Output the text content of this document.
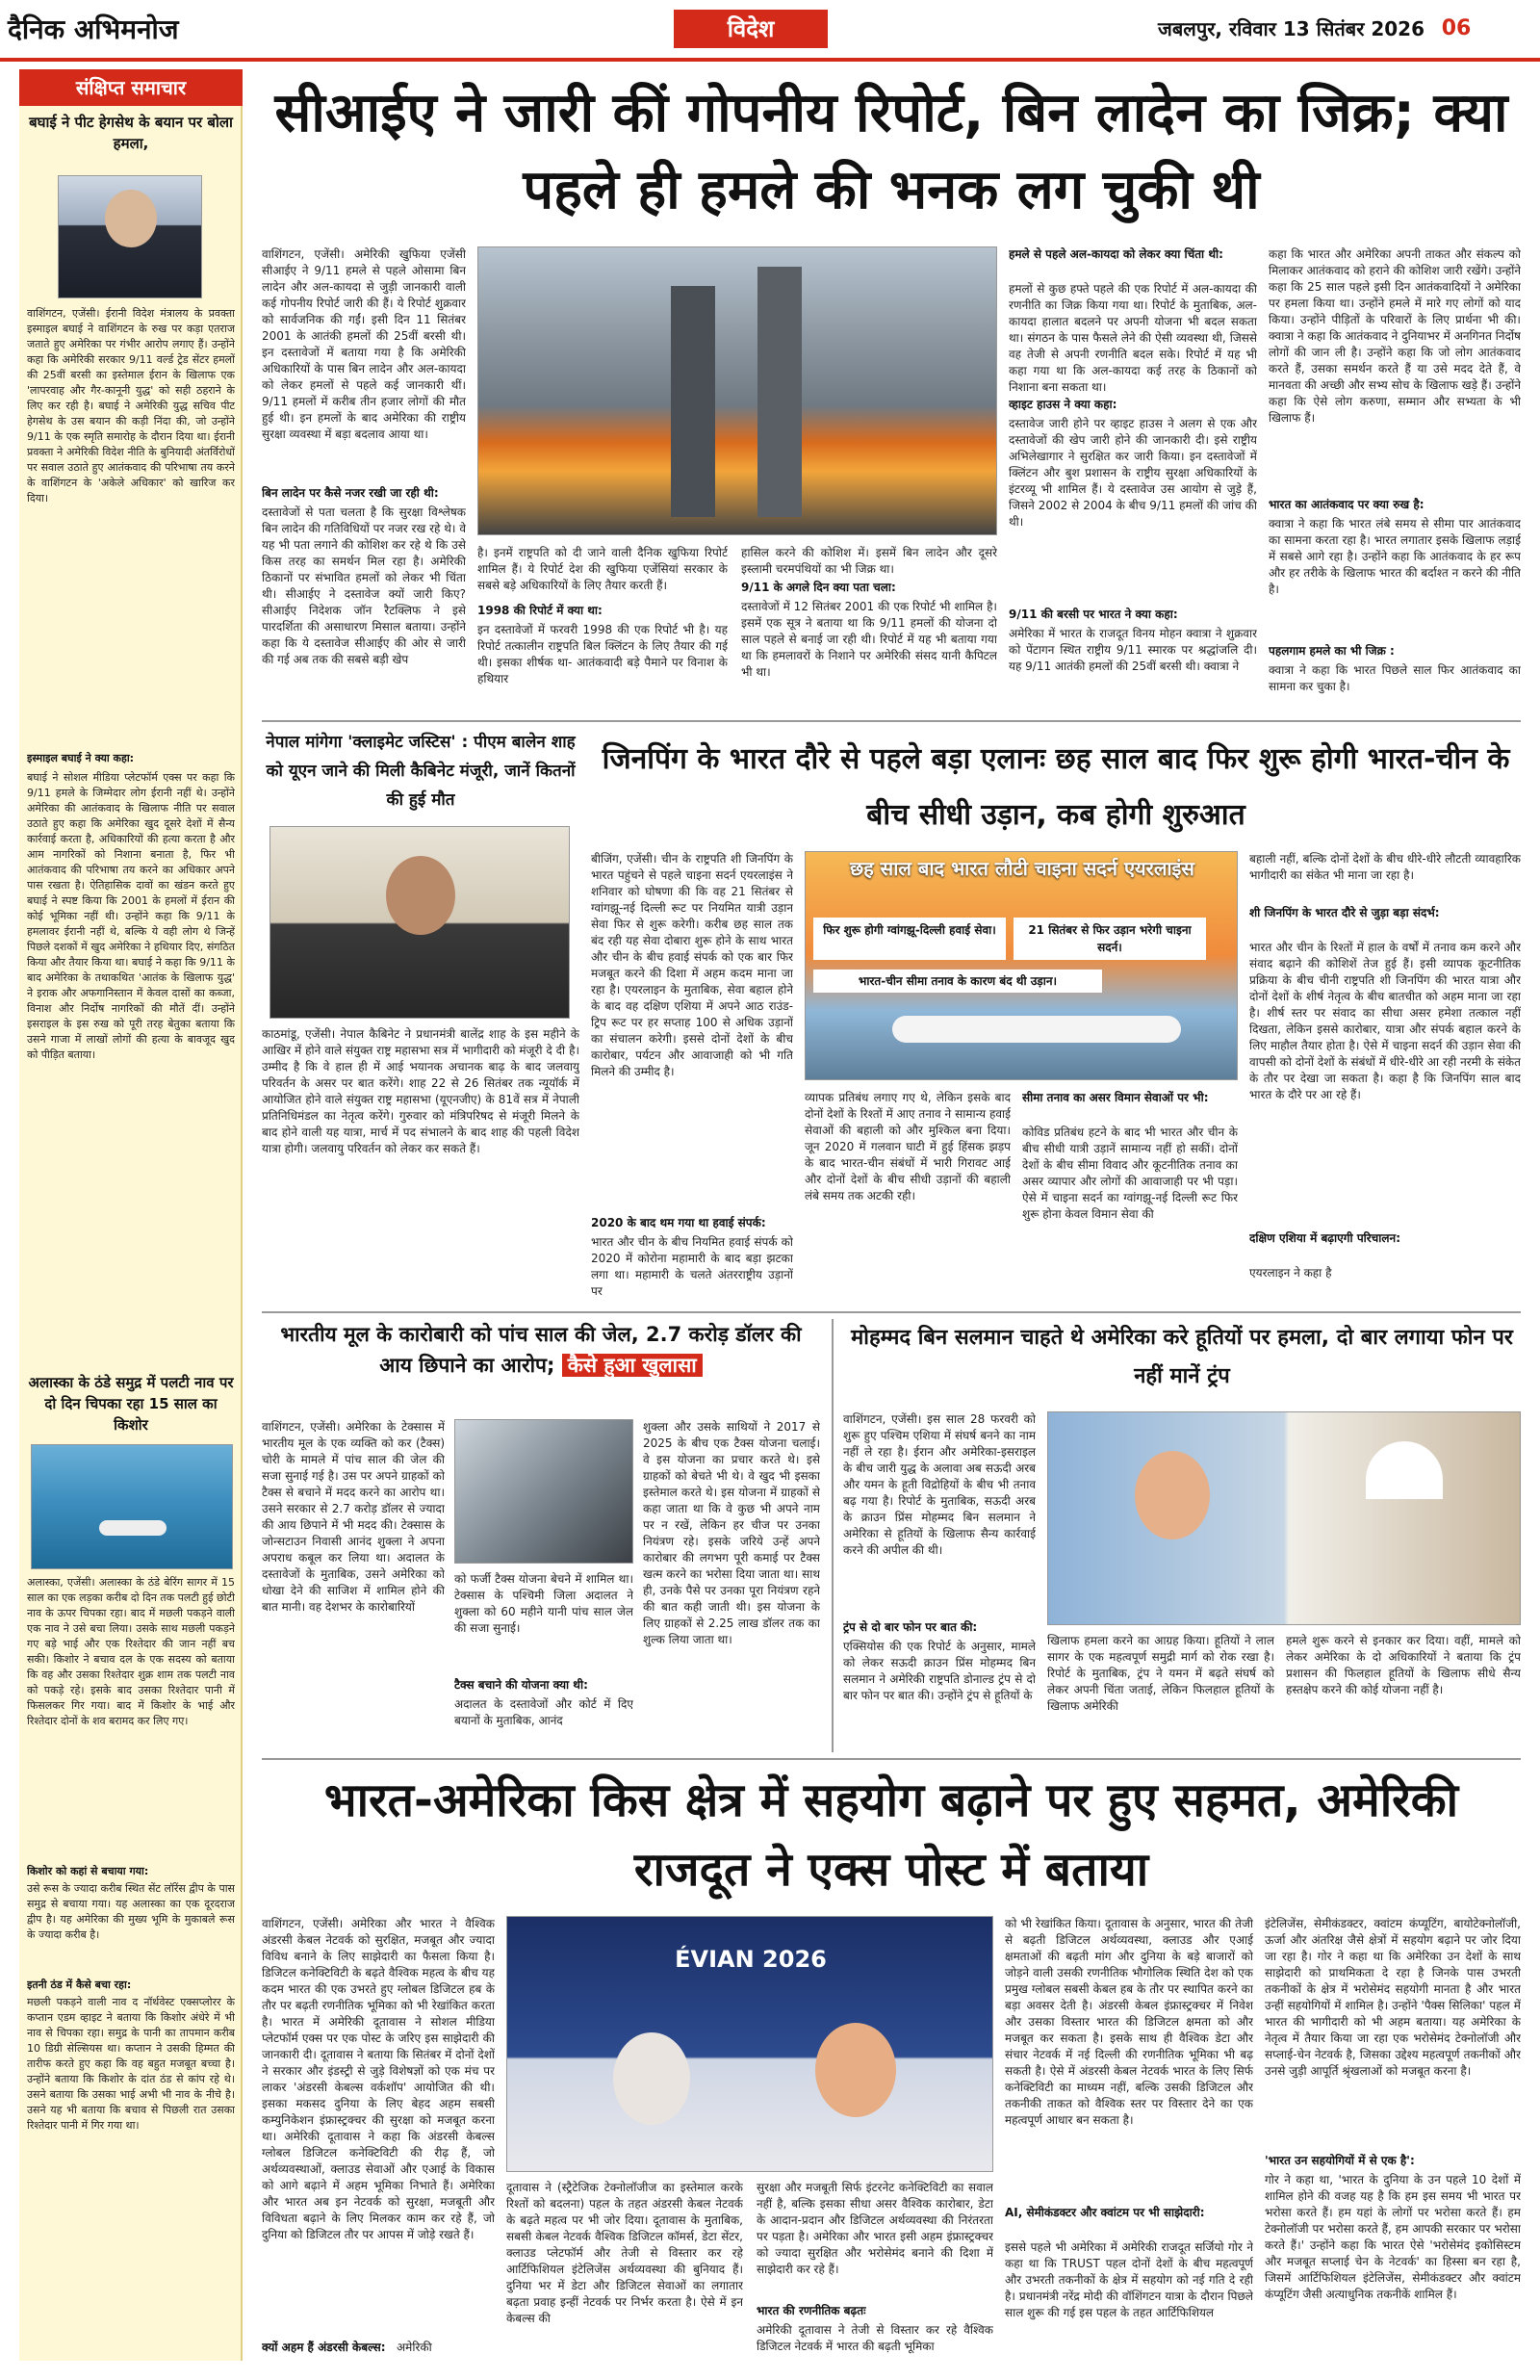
दैनिक अभिमनोज	विदेश	जबलपुर, रविवार 13 सितंबर 2026 06
संक्षिप्त समाचार
बघाई ने पीट हेगसेथ के बयान पर बोला हमला,
वाशिंगटन, एजेंसी। ईरानी विदेश मंत्रालय के प्रवक्ता इस्माइल बघाई ने वाशिंगटन के रुख पर कड़ा एतराज जताते हुए अमेरिका पर गंभीर आरोप लगाए हैं। उन्होंने कहा कि अमेरिकी सरकार 9/11 वर्ल्ड ट्रेड सेंटर हमलों की 25वीं बरसी का इस्तेमाल ईरान के खिलाफ एक 'लापरवाह और गैर-कानूनी युद्ध' को सही ठहराने के लिए कर रही है। बघाई ने अमेरिकी युद्ध सचिव पीट हेगसेथ के उस बयान की कड़ी निंदा की, जो उन्होंने 9/11 के एक स्मृति समारोह के दौरान दिया था। ईरानी प्रवक्ता ने अमेरिकी विदेश नीति के बुनियादी अंतर्विरोधों पर सवाल उठाते हुए आतंकवाद की परिभाषा तय करने के वाशिंगटन के 'अकेले अधिकार' को खारिज कर दिया।
इस्माइल बघाई ने क्या कहा:
बघाई ने सोशल मीडिया प्लेटफॉर्म एक्स पर कहा कि 9/11 हमले के जिम्मेदार लोग ईरानी नहीं थे। उन्होंने अमेरिका की आतंकवाद के खिलाफ नीति पर सवाल उठाते हुए कहा कि अमेरिका खुद दूसरे देशों में सैन्य कार्रवाई करता है, अधिकारियों की हत्या करता है और आम नागरिकों को निशाना बनाता है, फिर भी आतंकवाद की परिभाषा तय करने का अधिकार अपने पास रखता है। ऐतिहासिक दावों का खंडन करते हुए बघाई ने स्पष्ट किया कि 2001 के हमलों में ईरान की कोई भूमिका नहीं थी। उन्होंने कहा कि 9/11 के हमलावर ईरानी नहीं थे, बल्कि ये वही लोग थे जिन्हें पिछले दशकों में खुद अमेरिका ने हथियार दिए, संगठित किया और तैयार किया था। बघाई ने कहा कि 9/11 के बाद अमेरिका के तथाकथित 'आतंक के खिलाफ युद्ध' ने इराक और अफगानिस्तान में केवल दासों का कब्जा, विनाश और निर्दोष नागरिकों की मौतें दीं। उन्होंने इसराइल के इस रुख को पूरी तरह बेतुका बताया कि उसने गाजा में लाखों लोगों की हत्या के बावजूद खुद को पीड़ित बताया।
अलास्का के ठंडे समुद्र में पलटी नाव पर दो दिन चिपका रहा 15 साल का किशोर
अलास्का, एजेंसी। अलास्का के ठंडे बेरिंग सागर में 15 साल का एक लड़का करीब दो दिन तक पलटी हुई छोटी नाव के ऊपर चिपका रहा। बाद में मछली पकड़ने वाली एक नाव ने उसे बचा लिया। उसके साथ मछली पकड़ने गए बड़े भाई और एक रिश्तेदार की जान नहीं बच सकी। किशोर ने बचाव दल के एक सदस्य को बताया कि वह और उसका रिश्तेदार शुक्र शाम तक पलटी नाव को पकड़े रहे। इसके बाद उसका रिश्तेदार पानी में फिसलकर गिर गया। बाद में किशोर के भाई और रिश्तेदार दोनों के शव बरामद कर लिए गए।
किशोर को कहां से बचाया गया:
उसे रूस के ज्यादा करीब स्थित सेंट लॉरेंस द्वीप के पास समुद्र से बचाया गया। यह अलास्का का एक दूरदराज द्वीप है। यह अमेरिका की मुख्य भूमि के मुकाबले रूस के ज्यादा करीब है।
इतनी ठंड में कैसे बचा रहा:
मछली पकड़ने वाली नाव द नॉर्थवेस्ट एक्सप्लोरर के कप्तान एडम व्हाइट ने बताया कि किशोर अंधेरे में भी नाव से चिपका रहा। समुद्र के पानी का तापमान करीब 10 डिग्री सेल्सियस था। कप्तान ने उसकी हिम्मत की तारीफ करते हुए कहा कि वह बहुत मजबूत बच्चा है। उन्होंने बताया कि किशोर के दांत ठंड से कांप रहे थे। उसने बताया कि उसका भाई अभी भी नाव के नीचे है। उसने यह भी बताया कि बचाव से पिछली रात उसका रिश्तेदार पानी में गिर गया था।
सीआईए ने जारी कीं गोपनीय रिपोर्ट, बिन लादेन का जिक्र; क्या पहले ही हमले की भनक लग चुकी थी
वाशिंगटन, एजेंसी। अमेरिकी खुफिया एजेंसी सीआईए ने 9/11 हमले से पहले ओसामा बिन लादेन और अल-कायदा से जुड़ी जानकारी वाली कई गोपनीय रिपोर्ट जारी की हैं। ये रिपोर्ट शुक्रवार को सार्वजनिक की गईं। इसी दिन 11 सितंबर 2001 के आतंकी हमलों की 25वीं बरसी थी। इन दस्तावेजों में बताया गया है कि अमेरिकी अधिकारियों के पास बिन लादेन और अल-कायदा को लेकर हमलों से पहले कई जानकारी थीं। 9/11 हमलों में करीब तीन हजार लोगों की मौत हुई थी। इन हमलों के बाद अमेरिका की राष्ट्रीय सुरक्षा व्यवस्था में बड़ा बदलाव आया था।
बिन लादेन पर कैसे नजर रखी जा रही थी:
दस्तावेजों से पता चलता है कि सुरक्षा विश्लेषक बिन लादेन की गतिविधियों पर नजर रख रहे थे। वे यह भी पता लगाने की कोशिश कर रहे थे कि उसे किस तरह का समर्थन मिल रहा है। अमेरिकी ठिकानों पर संभावित हमलों को लेकर भी चिंता थी। सीआईए ने दस्तावेज क्यों जारी किए? सीआईए निदेशक जॉन रैटक्लिफ ने इसे पारदर्शिता की असाधारण मिसाल बताया। उन्होंने कहा कि ये दस्तावेज सीआईए की ओर से जारी की गई अब तक की सबसे बड़ी खेप
है। इनमें राष्ट्रपति को दी जाने वाली दैनिक खुफिया रिपोर्ट शामिल हैं। ये रिपोर्ट देश की खुफिया एजेंसियां सरकार के सबसे बड़े अधिकारियों के लिए तैयार करती हैं।
1998 की रिपोर्ट में क्या था:
इन दस्तावेजों में फरवरी 1998 की एक रिपोर्ट भी है। यह रिपोर्ट तत्कालीन राष्ट्रपति बिल क्लिंटन के लिए तैयार की गई थी। इसका शीर्षक था- आतंकवादी बड़े पैमाने पर विनाश के हथियार
हासिल करने की कोशिश में। इसमें बिन लादेन और दूसरे इस्लामी चरमपंथियों का भी जिक्र था।
9/11 के अगले दिन क्या पता चला:
दस्तावेजों में 12 सितंबर 2001 की एक रिपोर्ट भी शामिल है। इसमें एक सूत्र ने बताया था कि 9/11 हमलों की योजना दो साल पहले से बनाई जा रही थी। रिपोर्ट में यह भी बताया गया था कि हमलावरों के निशाने पर अमेरिकी संसद यानी कैपिटल भी था।
हमले से पहले अल-कायदा को लेकर क्या चिंता थी:
हमलों से कुछ हफ्ते पहले की एक रिपोर्ट में अल-कायदा की रणनीति का जिक्र किया गया था। रिपोर्ट के मुताबिक, अल-कायदा हालात बदलने पर अपनी योजना भी बदल सकता था। संगठन के पास फैसले लेने की ऐसी व्यवस्था थी, जिससे वह तेजी से अपनी रणनीति बदल सके। रिपोर्ट में यह भी कहा गया था कि अल-कायदा कई तरह के ठिकानों को निशाना बना सकता था।
व्हाइट हाउस ने क्या कहा:
दस्तावेज जारी होने पर व्हाइट हाउस ने अलग से एक और दस्तावेजों की खेप जारी होने की जानकारी दी। इसे राष्ट्रीय अभिलेखागार ने सुरक्षित कर जारी किया। इन दस्तावेजों में क्लिंटन और बुश प्रशासन के राष्ट्रीय सुरक्षा अधिकारियों के इंटरव्यू भी शामिल हैं। ये दस्तावेज उस आयोग से जुड़े हैं, जिसने 2002 से 2004 के बीच 9/11 हमलों की जांच की थी।
9/11 की बरसी पर भारत ने क्या कहा:
अमेरिका में भारत के राजदूत विनय मोहन क्वात्रा ने शुक्रवार को पेंटागन स्थित राष्ट्रीय 9/11 स्मारक पर श्रद्धांजलि दी। यह 9/11 आतंकी हमलों की 25वीं बरसी थी। क्वात्रा ने
कहा कि भारत और अमेरिका अपनी ताकत और संकल्प को मिलाकर आतंकवाद को हराने की कोशिश जारी रखेंगे। उन्होंने कहा कि 25 साल पहले इसी दिन आतंकवादियों ने अमेरिका पर हमला किया था। उन्होंने हमले में मारे गए लोगों को याद किया। उन्होंने पीड़ितों के परिवारों के लिए प्रार्थना भी की। क्वात्रा ने कहा कि आतंकवाद ने दुनियाभर में अनगिनत निर्दोष लोगों की जान ली है। उन्होंने कहा कि जो लोग आतंकवाद करते हैं, उसका समर्थन करते हैं या उसे मदद देते हैं, वे मानवता की अच्छी और सभ्य सोच के खिलाफ खड़े हैं। उन्होंने कहा कि ऐसे लोग करुणा, सम्मान और सभ्यता के भी खिलाफ हैं।
भारत का आतंकवाद पर क्या रुख है:
क्वात्रा ने कहा कि भारत लंबे समय से सीमा पार आतंकवाद का सामना करता रहा है। भारत लगातार इसके खिलाफ लड़ाई में सबसे आगे रहा है। उन्होंने कहा कि आतंकवाद के हर रूप और हर तरीके के खिलाफ भारत की बर्दाश्त न करने की नीति है।
पहलगाम हमले का भी जिक्र :
क्वात्रा ने कहा कि भारत पिछले साल फिर आतंकवाद का सामना कर चुका है।
नेपाल मांगेगा 'क्लाइमेट जस्टिस' : पीएम बालेन शाह को यूएन जाने की मिली कैबिनेट मंजूरी, जानें कितनों की हुई मौत
काठमांडू, एजेंसी। नेपाल कैबिनेट ने प्रधानमंत्री बालेंद्र शाह के इस महीने के आखिर में होने वाले संयुक्त राष्ट्र महासभा सत्र में भागीदारी को मंजूरी दे दी है। उम्मीद है कि वे हाल ही में आई भयानक अचानक बाढ़ के बाद जलवायु परिवर्तन के असर पर बात करेंगे। शाह 22 से 26 सितंबर तक न्यूयॉर्क में आयोजित होने वाले संयुक्त राष्ट्र महासभा (यूएनजीए) के 81वें सत्र में नेपाली प्रतिनिधिमंडल का नेतृत्व करेंगे। गुरुवार को मंत्रिपरिषद से मंजूरी मिलने के बाद होने वाली यह यात्रा, मार्च में पद संभालने के बाद शाह की पहली विदेश यात्रा होगी। जलवायु परिवर्तन को लेकर कर सकते हैं।
जिनपिंग के भारत दौरे से पहले बड़ा एलानः छह साल बाद फिर शुरू होगी भारत-चीन के बीच सीधी उड़ान, कब होगी शुरुआत
बीजिंग, एजेंसी। चीन के राष्ट्रपति शी जिनपिंग के भारत पहुंचने से पहले चाइना सदर्न एयरलाइंस ने शनिवार को घोषणा की कि वह 21 सितंबर से ग्वांगझू-नई दिल्ली रूट पर नियमित यात्री उड़ान सेवा फिर से शुरू करेगी। करीब छह साल तक बंद रही यह सेवा दोबारा शुरू होने के साथ भारत और चीन के बीच हवाई संपर्क को एक बार फिर मजबूत करने की दिशा में अहम कदम माना जा रहा है। एयरलाइन के मुताबिक, सेवा बहाल होने के बाद वह दक्षिण एशिया में अपने आठ राउंड-ट्रिप रूट पर हर सप्ताह 100 से अधिक उड़ानों का संचालन करेगी। इससे दोनों देशों के बीच कारोबार, पर्यटन और आवाजाही को भी गति मिलने की उम्मीद है।
2020 के बाद थम गया था हवाई संपर्क:
भारत और चीन के बीच नियमित हवाई संपर्क को 2020 में कोरोना महामारी के बाद बड़ा झटका लगा था। महामारी के चलते अंतरराष्ट्रीय उड़ानों पर
छह साल बाद भारत लौटी चाइना सदर्न एयरलाइंस
फिर शुरू होगी ग्वांगझू-दिल्ली हवाई सेवा।	21 सितंबर से फिर उड़ान भरेगी चाइना सदर्न।
भारत-चीन सीमा तनाव के कारण बंद थी उड़ान।
व्यापक प्रतिबंध लगाए गए थे, लेकिन इसके बाद दोनों देशों के रिश्तों में आए तनाव ने सामान्य हवाई सेवाओं की बहाली को और मुश्किल बना दिया। जून 2020 में गलवान घाटी में हुई हिंसक झड़प के बाद भारत-चीन संबंधों में भारी गिरावट आई और दोनों देशों के बीच सीधी उड़ानों की बहाली लंबे समय तक अटकी रही।
सीमा तनाव का असर विमान सेवाओं पर भी:
कोविड प्रतिबंध हटने के बाद भी भारत और चीन के बीच सीधी यात्री उड़ानें सामान्य नहीं हो सकीं। दोनों देशों के बीच सीमा विवाद और कूटनीतिक तनाव का असर व्यापार और लोगों की आवाजाही पर भी पड़ा। ऐसे में चाइना सदर्न का ग्वांगझू-नई दिल्ली रूट फिर शुरू होना केवल विमान सेवा की
बहाली नहीं, बल्कि दोनों देशों के बीच धीरे-धीरे लौटती व्यावहारिक भागीदारी का संकेत भी माना जा रहा है।
शी जिनपिंग के भारत दौरे से जुड़ा बड़ा संदर्भ:
भारत और चीन के रिश्तों में हाल के वर्षों में तनाव कम करने और संवाद बढ़ाने की कोशिशें तेज हुई हैं। इसी व्यापक कूटनीतिक प्रक्रिया के बीच चीनी राष्ट्रपति शी जिनपिंग की भारत यात्रा और दोनों देशों के शीर्ष नेतृत्व के बीच बातचीत को अहम माना जा रहा है। शीर्ष स्तर पर संवाद का सीधा असर हमेशा तत्काल नहीं दिखता, लेकिन इससे कारोबार, यात्रा और संपर्क बहाल करने के लिए माहौल तैयार होता है। ऐसे में चाइना सदर्न की उड़ान सेवा की वापसी को दोनों देशों के संबंधों में धीरे-धीरे आ रही नरमी के संकेत के तौर पर देखा जा सकता है। कहा है कि जिनपिंग साल बाद भारत के दौरे पर आ रहे हैं।
दक्षिण एशिया में बढ़ाएगी परिचालन:
एयरलाइन ने कहा है
भारतीय मूल के कारोबारी को पांच साल की जेल, 2.7 करोड़ डॉलर की आय छिपाने का आरोप; कैसे हुआ खुलासा
वाशिंगटन, एजेंसी। अमेरिका के टेक्सास में भारतीय मूल के एक व्यक्ति को कर (टैक्स) चोरी के मामले में पांच साल की जेल की सजा सुनाई गई है। उस पर अपने ग्राहकों को टैक्स से बचाने में मदद करने का आरोप था। उसने सरकार से 2.7 करोड़ डॉलर से ज्यादा की आय छिपाने में भी मदद की। टेक्सास के जोन्सटाउन निवासी आनंद शुक्ला ने अपना अपराध कबूल कर लिया था। अदालत के दस्तावेजों के मुताबिक, उसने अमेरिका को धोखा देने की साजिश में शामिल होने की बात मानी। वह देशभर के कारोबारियों
को फर्जी टैक्स योजना बेचने में शामिल था। टेक्सास के पश्चिमी जिला अदालत ने शुक्ला को 60 महीने यानी पांच साल जेल की सजा सुनाई।
टैक्स बचाने की योजना क्या थी:
अदालत के दस्तावेजों और कोर्ट में दिए बयानों के मुताबिक, आनंद
शुक्ला और उसके साथियों ने 2017 से 2025 के बीच एक टैक्स योजना चलाई। वे इस योजना का प्रचार करते थे। इसे ग्राहकों को बेचते भी थे। वे खुद भी इसका इस्तेमाल करते थे। इस योजना में ग्राहकों से कहा जाता था कि वे कुछ भी अपने नाम पर न रखें, लेकिन हर चीज पर उनका नियंत्रण रहे। इसके जरिये उन्हें अपने कारोबार की लगभग पूरी कमाई पर टैक्स खत्म करने का भरोसा दिया जाता था। साथ ही, उनके पैसे पर उनका पूरा नियंत्रण रहने की बात कही जाती थी। इस योजना के लिए ग्राहकों से 2.25 लाख डॉलर तक का शुल्क लिया जाता था।
मोहम्मद बिन सलमान चाहते थे अमेरिका करे हूतियों पर हमला, दो बार लगाया फोन पर नहीं मानें ट्रंप
वाशिंगटन, एजेंसी। इस साल 28 फरवरी को शुरू हुए पश्चिम एशिया में संघर्ष बनने का नाम नहीं ले रहा है। ईरान और अमेरिका-इसराइल के बीच जारी युद्ध के अलावा अब सऊदी अरब और यमन के हूती विद्रोहियों के बीच भी तनाव बढ़ गया है। रिपोर्ट के मुताबिक, सऊदी अरब के क्राउन प्रिंस मोहम्मद बिन सलमान ने अमेरिका से हूतियों के खिलाफ सैन्य कार्रवाई करने की अपील की थी।
ट्रंप से दो बार फोन पर बात की:
एक्सियोस की एक रिपोर्ट के अनुसार, मामले को लेकर सऊदी क्राउन प्रिंस मोहम्मद बिन सलमान ने अमेरिकी राष्ट्रपति डोनाल्ड ट्रंप से दो बार फोन पर बात की। उन्होंने ट्रंप से हूतियों के
खिलाफ हमला करने का आग्रह किया। हूतियों ने लाल सागर के एक महत्वपूर्ण समुद्री मार्ग को रोक रखा है। रिपोर्ट के मुताबिक, ट्रंप ने यमन में बढ़ते संघर्ष को लेकर अपनी चिंता जताई, लेकिन फिलहाल हूतियों के खिलाफ अमेरिकी
हमले शुरू करने से इनकार कर दिया। वहीं, मामले को लेकर अमेरिका के दो अधिकारियों ने बताया कि ट्रंप प्रशासन की फिलहाल हूतियों के खिलाफ सीधे सैन्य हस्तक्षेप करने की कोई योजना नहीं है।
भारत-अमेरिका किस क्षेत्र में सहयोग बढ़ाने पर हुए सहमत, अमेरिकी राजदूत ने एक्स पोस्ट में बताया
वाशिंगटन, एजेंसी। अमेरिका और भारत ने वैश्विक अंडरसी केबल नेटवर्क को सुरक्षित, मजबूत और ज्यादा विविध बनाने के लिए साझेदारी का फैसला किया है। डिजिटल कनेक्टिविटी के बढ़ते वैश्विक महत्व के बीच यह कदम भारत की एक उभरते हुए ग्लोबल डिजिटल हब के तौर पर बढ़ती रणनीतिक भूमिका को भी रेखांकित करता है। भारत में अमेरिकी दूतावास ने सोशल मीडिया प्लेटफॉर्म एक्स पर एक पोस्ट के जरिए इस साझेदारी की जानकारी दी। दूतावास ने बताया कि सितंबर में दोनों देशों ने सरकार और इंडस्ट्री से जुड़े विशेषज्ञों को एक मंच पर लाकर 'अंडरसी केबल्स वर्कशॉप' आयोजित की थी। इसका मकसद दुनिया के लिए बेहद अहम सबसी कम्युनिकेशन इंफ्रास्ट्रक्चर की सुरक्षा को मजबूत करना था। अमेरिकी दूतावास ने कहा कि अंडरसी केबल्स ग्लोबल डिजिटल कनेक्टिविटी की रीढ़ हैं, जो अर्थव्यवस्थाओं, क्लाउड सेवाओं और एआई के विकास को आगे बढ़ाने में अहम भूमिका निभाते हैं। अमेरिका और भारत अब इन नेटवर्क को सुरक्षा, मजबूती और विविधता बढ़ाने के लिए मिलकर काम कर रहे हैं, जो दुनिया को डिजिटल तौर पर आपस में जोड़े रखते हैं।
क्यों अहम हैं अंडरसी केबल्स: अमेरिकी
ÉVIAN 2026
दूतावास ने (स्ट्रैटेजिक टेक्नोलॉजीज का इस्तेमाल करके रिश्तों को बदलना) पहल के तहत अंडरसी केबल नेटवर्क के बढ़ते महत्व पर भी जोर दिया। दूतावास के मुताबिक, सबसी केबल नेटवर्क वैश्विक डिजिटल कॉमर्स, डेटा सेंटर, क्लाउड प्लेटफॉर्म और तेजी से विस्तार कर रहे आर्टिफिशियल इंटेलिजेंस अर्थव्यवस्था की बुनियाद हैं। दुनिया भर में डेटा और डिजिटल सेवाओं का लगातार बढ़ता प्रवाह इन्हीं नेटवर्क पर निर्भर करता है। ऐसे में इन केबल्स की
सुरक्षा और मजबूती सिर्फ इंटरनेट कनेक्टिविटी का सवाल नहीं है, बल्कि इसका सीधा असर वैश्विक कारोबार, डेटा के आदान-प्रदान और डिजिटल अर्थव्यवस्था की निरंतरता पर पड़ता है। अमेरिका और भारत इसी अहम इंफ्रास्ट्रक्चर को ज्यादा सुरक्षित और भरोसेमंद बनाने की दिशा में साझेदारी कर रहे हैं।
भारत की रणनीतिक बढ़तः
अमेरिकी दूतावास ने तेजी से विस्तार कर रहे वैश्विक डिजिटल नेटवर्क में भारत की बढ़ती भूमिका
को भी रेखांकित किया। दूतावास के अनुसार, भारत की तेजी से बढ़ती डिजिटल अर्थव्यवस्था, क्लाउड और एआई क्षमताओं की बढ़ती मांग और दुनिया के बड़े बाजारों को जोड़ने वाली उसकी रणनीतिक भौगोलिक स्थिति देश को एक प्रमुख ग्लोबल सबसी केबल हब के तौर पर स्थापित करने का बड़ा अवसर देती है। अंडरसी केबल इंफ्रास्ट्रक्चर में निवेश और उसका विस्तार भारत की डिजिटल क्षमता को और मजबूत कर सकता है। इसके साथ ही वैश्विक डेटा और संचार नेटवर्क में नई दिल्ली की रणनीतिक भूमिका भी बढ़ सकती है। ऐसे में अंडरसी केबल नेटवर्क भारत के लिए सिर्फ कनेक्टिविटी का माध्यम नहीं, बल्कि उसकी डिजिटल और तकनीकी ताकत को वैश्विक स्तर पर विस्तार देने का एक महत्वपूर्ण आधार बन सकता है।
AI, सेमीकंडक्टर और क्वांटम पर भी साझेदारी:
इससे पहले भी अमेरिका में अमेरिकी राजदूत सर्जियो गोर ने कहा था कि TRUST पहल दोनों देशों के बीच महत्वपूर्ण और उभरती तकनीकों के क्षेत्र में सहयोग को नई गति दे रही है। प्रधानमंत्री नरेंद्र मोदी की वॉशिंगटन यात्रा के दौरान पिछले साल शुरू की गई इस पहल के तहत आर्टिफिशियल
इंटेलिजेंस, सेमीकंडक्टर, क्वांटम कंप्यूटिंग, बायोटेक्नोलॉजी, ऊर्जा और अंतरिक्ष जैसे क्षेत्रों में सहयोग बढ़ाने पर जोर दिया जा रहा है। गोर ने कहा था कि अमेरिका उन देशों के साथ साझेदारी को प्राथमिकता दे रहा है जिनके पास उभरती तकनीकों के क्षेत्र में भरोसेमंद सहयोगी मानता है और भारत उन्हीं सहयोगियों में शामिल है। उन्होंने 'पैक्स सिलिका' पहल में भारत की भागीदारी को भी अहम बताया। यह अमेरिका के नेतृत्व में तैयार किया जा रहा एक भरोसेमंद टेक्नोलॉजी और सप्लाई-चेन नेटवर्क है, जिसका उद्देश्य महत्वपूर्ण तकनीकों और उनसे जुड़ी आपूर्ति श्रृंखलाओं को मजबूत करना है।
'भारत उन सहयोगियों में से एक है':
गोर ने कहा था, 'भारत के दुनिया के उन पहले 10 देशों में शामिल होने की वजह यह है कि हम इस समय भी भारत पर भरोसा करते हैं। हम यहां के लोगों पर भरोसा करते हैं। हम टेक्नोलॉजी पर भरोसा करते हैं, हम आपकी सरकार पर भरोसा करते हैं।' उन्होंने कहा कि भारत ऐसे 'भरोसेमंद इकोसिस्टम और मजबूत सप्लाई चेन के नेटवर्क' का हिस्सा बन रहा है, जिसमें आर्टिफिशियल इंटेलिजेंस, सेमीकंडक्टर और क्वांटम कंप्यूटिंग जैसी अत्याधुनिक तकनीकें शामिल हैं।
